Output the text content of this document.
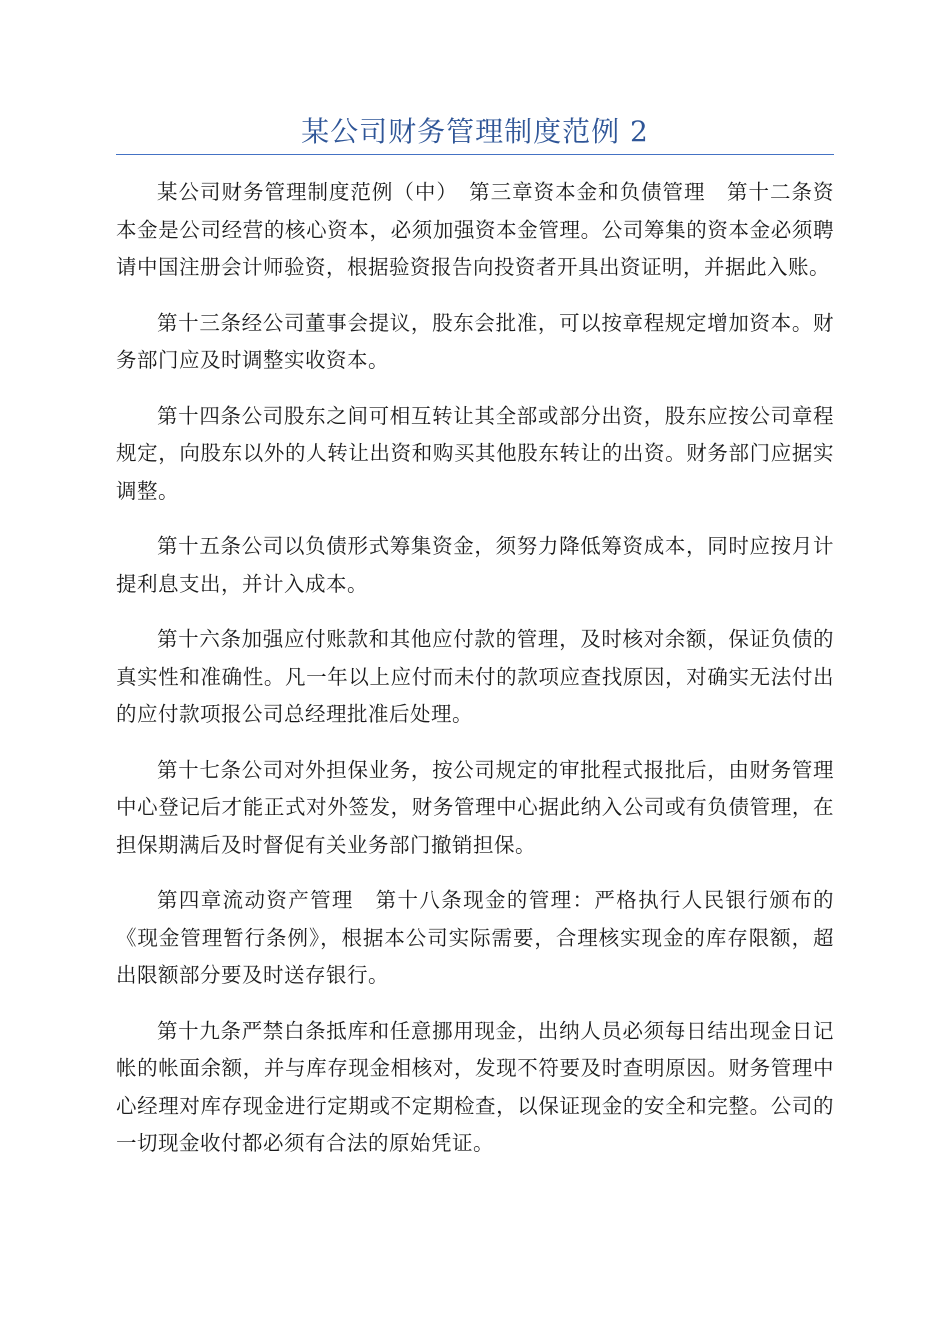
某公司财务管理制度范例 2

某公司财务管理制度范例（中）　第三章资本金和负债管理　第十二条资本金是公司经营的核心资本，必须加强资本金管理。公司筹集的资本金必须聘请中国注册会计师验资，根据验资报告向投资者开具出资证明，并据此入账。

第十三条经公司董事会提议，股东会批准，可以按章程规定增加资本。财务部门应及时调整实收资本。

第十四条公司股东之间可相互转让其全部或部分出资，股东应按公司章程规定，向股东以外的人转让出资和购买其他股东转让的出资。财务部门应据实调整。

第十五条公司以负债形式筹集资金，须努力降低筹资成本，同时应按月计提利息支出，并计入成本。

第十六条加强应付账款和其他应付款的管理，及时核对余额，保证负债的真实性和准确性。凡一年以上应付而未付的款项应查找原因，对确实无法付出的应付款项报公司总经理批准后处理。

第十七条公司对外担保业务，按公司规定的审批程式报批后，由财务管理中心登记后才能正式对外签发，财务管理中心据此纳入公司或有负债管理，在担保期满后及时督促有关业务部门撤销担保。

第四章流动资产管理　第十八条现金的管理：严格执行人民银行颁布的《现金管理暂行条例》，根据本公司实际需要，合理核实现金的库存限额，超出限额部分要及时送存银行。

第十九条严禁白条抵库和任意挪用现金，出纳人员必须每日结出现金日记帐的帐面余额，并与库存现金相核对，发现不符要及时查明原因。财务管理中心经理对库存现金进行定期或不定期检查，以保证现金的安全和完整。公司的一切现金收付都必须有合法的原始凭证。
